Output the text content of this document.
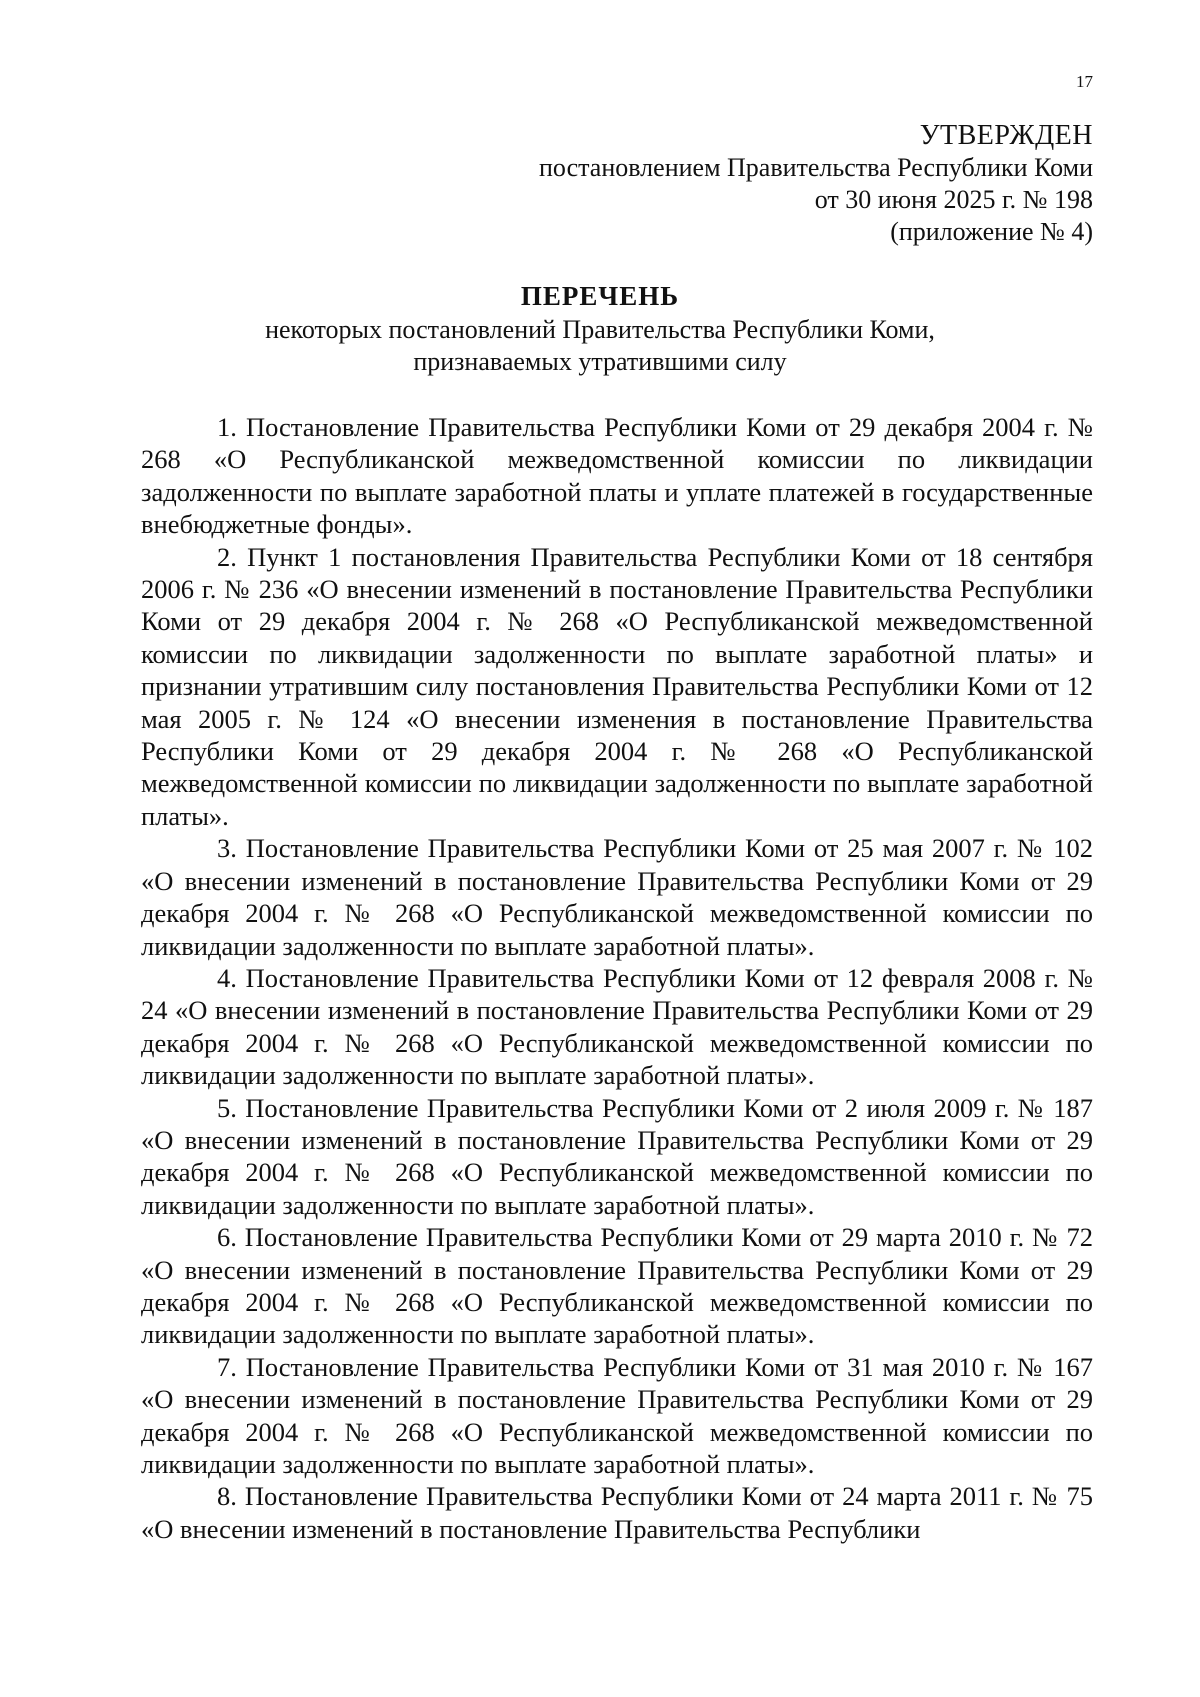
17
УТВЕРЖДЕН
постановлением Правительства Республики Коми
от 30 июня 2025 г. № 198
(приложение № 4)
ПЕРЕЧЕНЬ
некоторых постановлений Правительства Республики Коми,
признаваемых утратившими силу

1. Постановление Правительства Республики Коми от 29 декабря 2004 г. № 268 «О Республиканской межведомственной комиссии по ликвидации задолженности по выплате заработной платы и уплате платежей в государственные внебюджетные фонды».

2. Пункт 1 постановления Правительства Республики Коми от 18 сентября 2006 г. № 236 «О внесении изменений в постановление Правительства Республики Коми от 29 декабря 2004 г. № 268 «О Республиканской межведомственной комиссии по ликвидации задолженности по выплате заработной платы» и признании утратившим силу постановления Правительства Республики Коми от 12 мая 2005 г. № 124 «О внесении изменения в постановление Правительства Республики Коми от 29 декабря 2004 г. № 268 «О Республиканской межведомственной комиссии по ликвидации задолженности по выплате заработной платы».

3. Постановление Правительства Республики Коми от 25 мая 2007 г. № 102 «О внесении изменений в постановление Правительства Республики Коми от 29 декабря 2004 г. № 268 «О Республиканской межведомственной комиссии по ликвидации задолженности по выплате заработной платы».

4. Постановление Правительства Республики Коми от 12 февраля 2008 г. № 24 «О внесении изменений в постановление Правительства Республики Коми от 29 декабря 2004 г. № 268 «О Республиканской межведомственной комиссии по ликвидации задолженности по выплате заработной платы».

5. Постановление Правительства Республики Коми от 2 июля 2009 г. № 187 «О внесении изменений в постановление Правительства Республики Коми от 29 декабря 2004 г. № 268 «О Республиканской межведомственной комиссии по ликвидации задолженности по выплате заработной платы».

6. Постановление Правительства Республики Коми от 29 марта 2010 г. № 72 «О внесении изменений в постановление Правительства Республики Коми от 29 декабря 2004 г. № 268 «О Республиканской межведомственной комиссии по ликвидации задолженности по выплате заработной платы».

7. Постановление Правительства Республики Коми от 31 мая 2010 г. № 167 «О внесении изменений в постановление Правительства Республики Коми от 29 декабря 2004 г. № 268 «О Республиканской межведомственной комиссии по ликвидации задолженности по выплате заработной платы».

8. Постановление Правительства Республики Коми от 24 марта 2011 г. № 75 «О внесении изменений в постановление Правительства Республики
